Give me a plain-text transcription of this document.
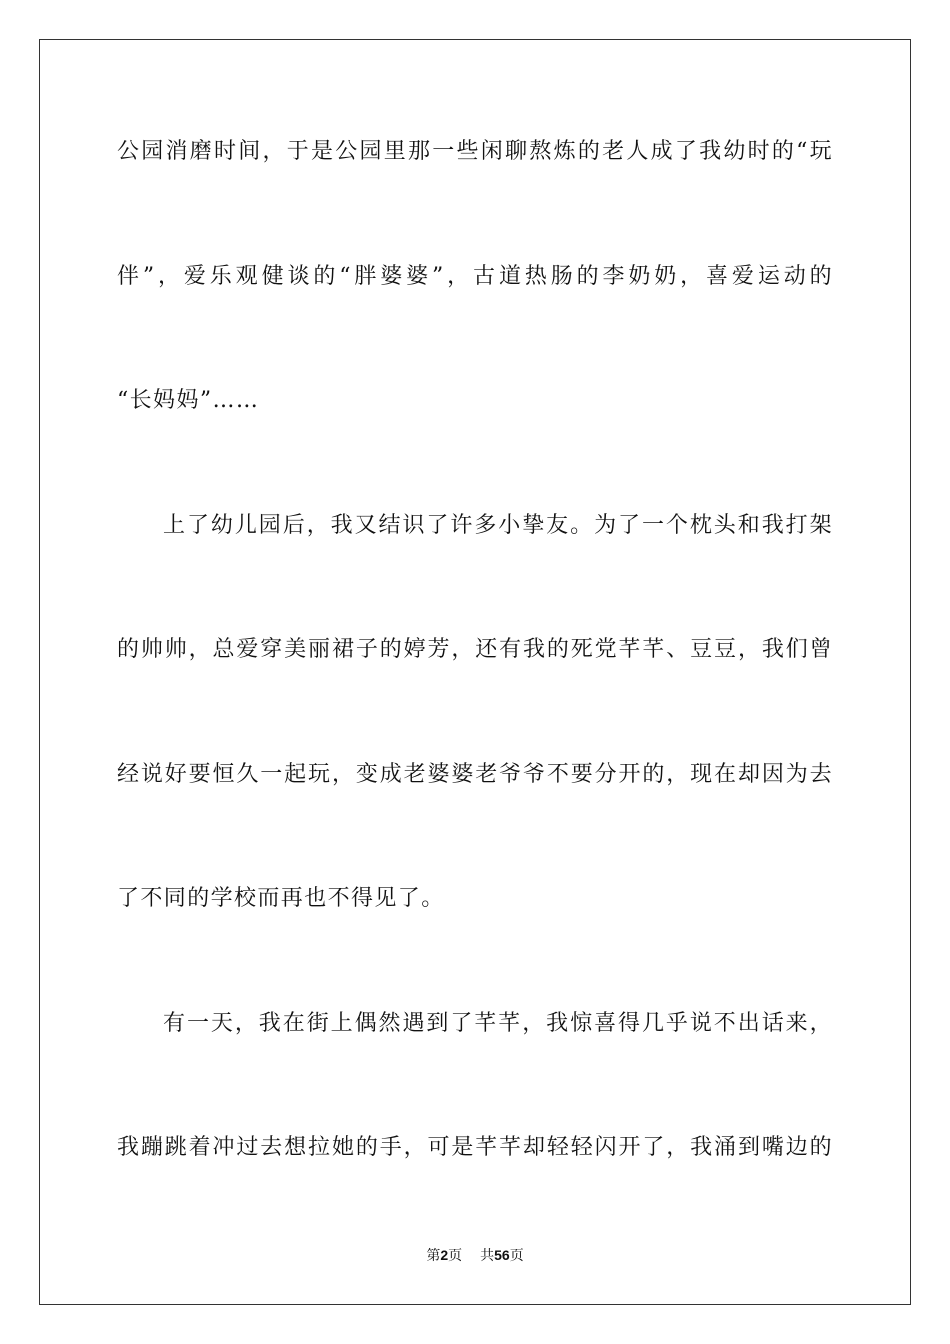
公园消磨时间，于是公园里那一些闲聊熬炼的老人成了我幼时的“玩
伴”，爱乐观健谈的“胖婆婆”，古道热肠的李奶奶，喜爱运动的
“长妈妈”……
上了幼儿园后，我又结识了许多小挚友。为了一个枕头和我打架
的帅帅，总爱穿美丽裙子的婷芳，还有我的死党芊芊、豆豆，我们曾
经说好要恒久一起玩，变成老婆婆老爷爷不要分开的，现在却因为去
了不同的学校而再也不得见了。
有一天，我在街上偶然遇到了芊芊，我惊喜得几乎说不出话来，
我蹦跳着冲过去想拉她的手，可是芊芊却轻轻闪开了，我涌到嘴边的
第2页 共56页
